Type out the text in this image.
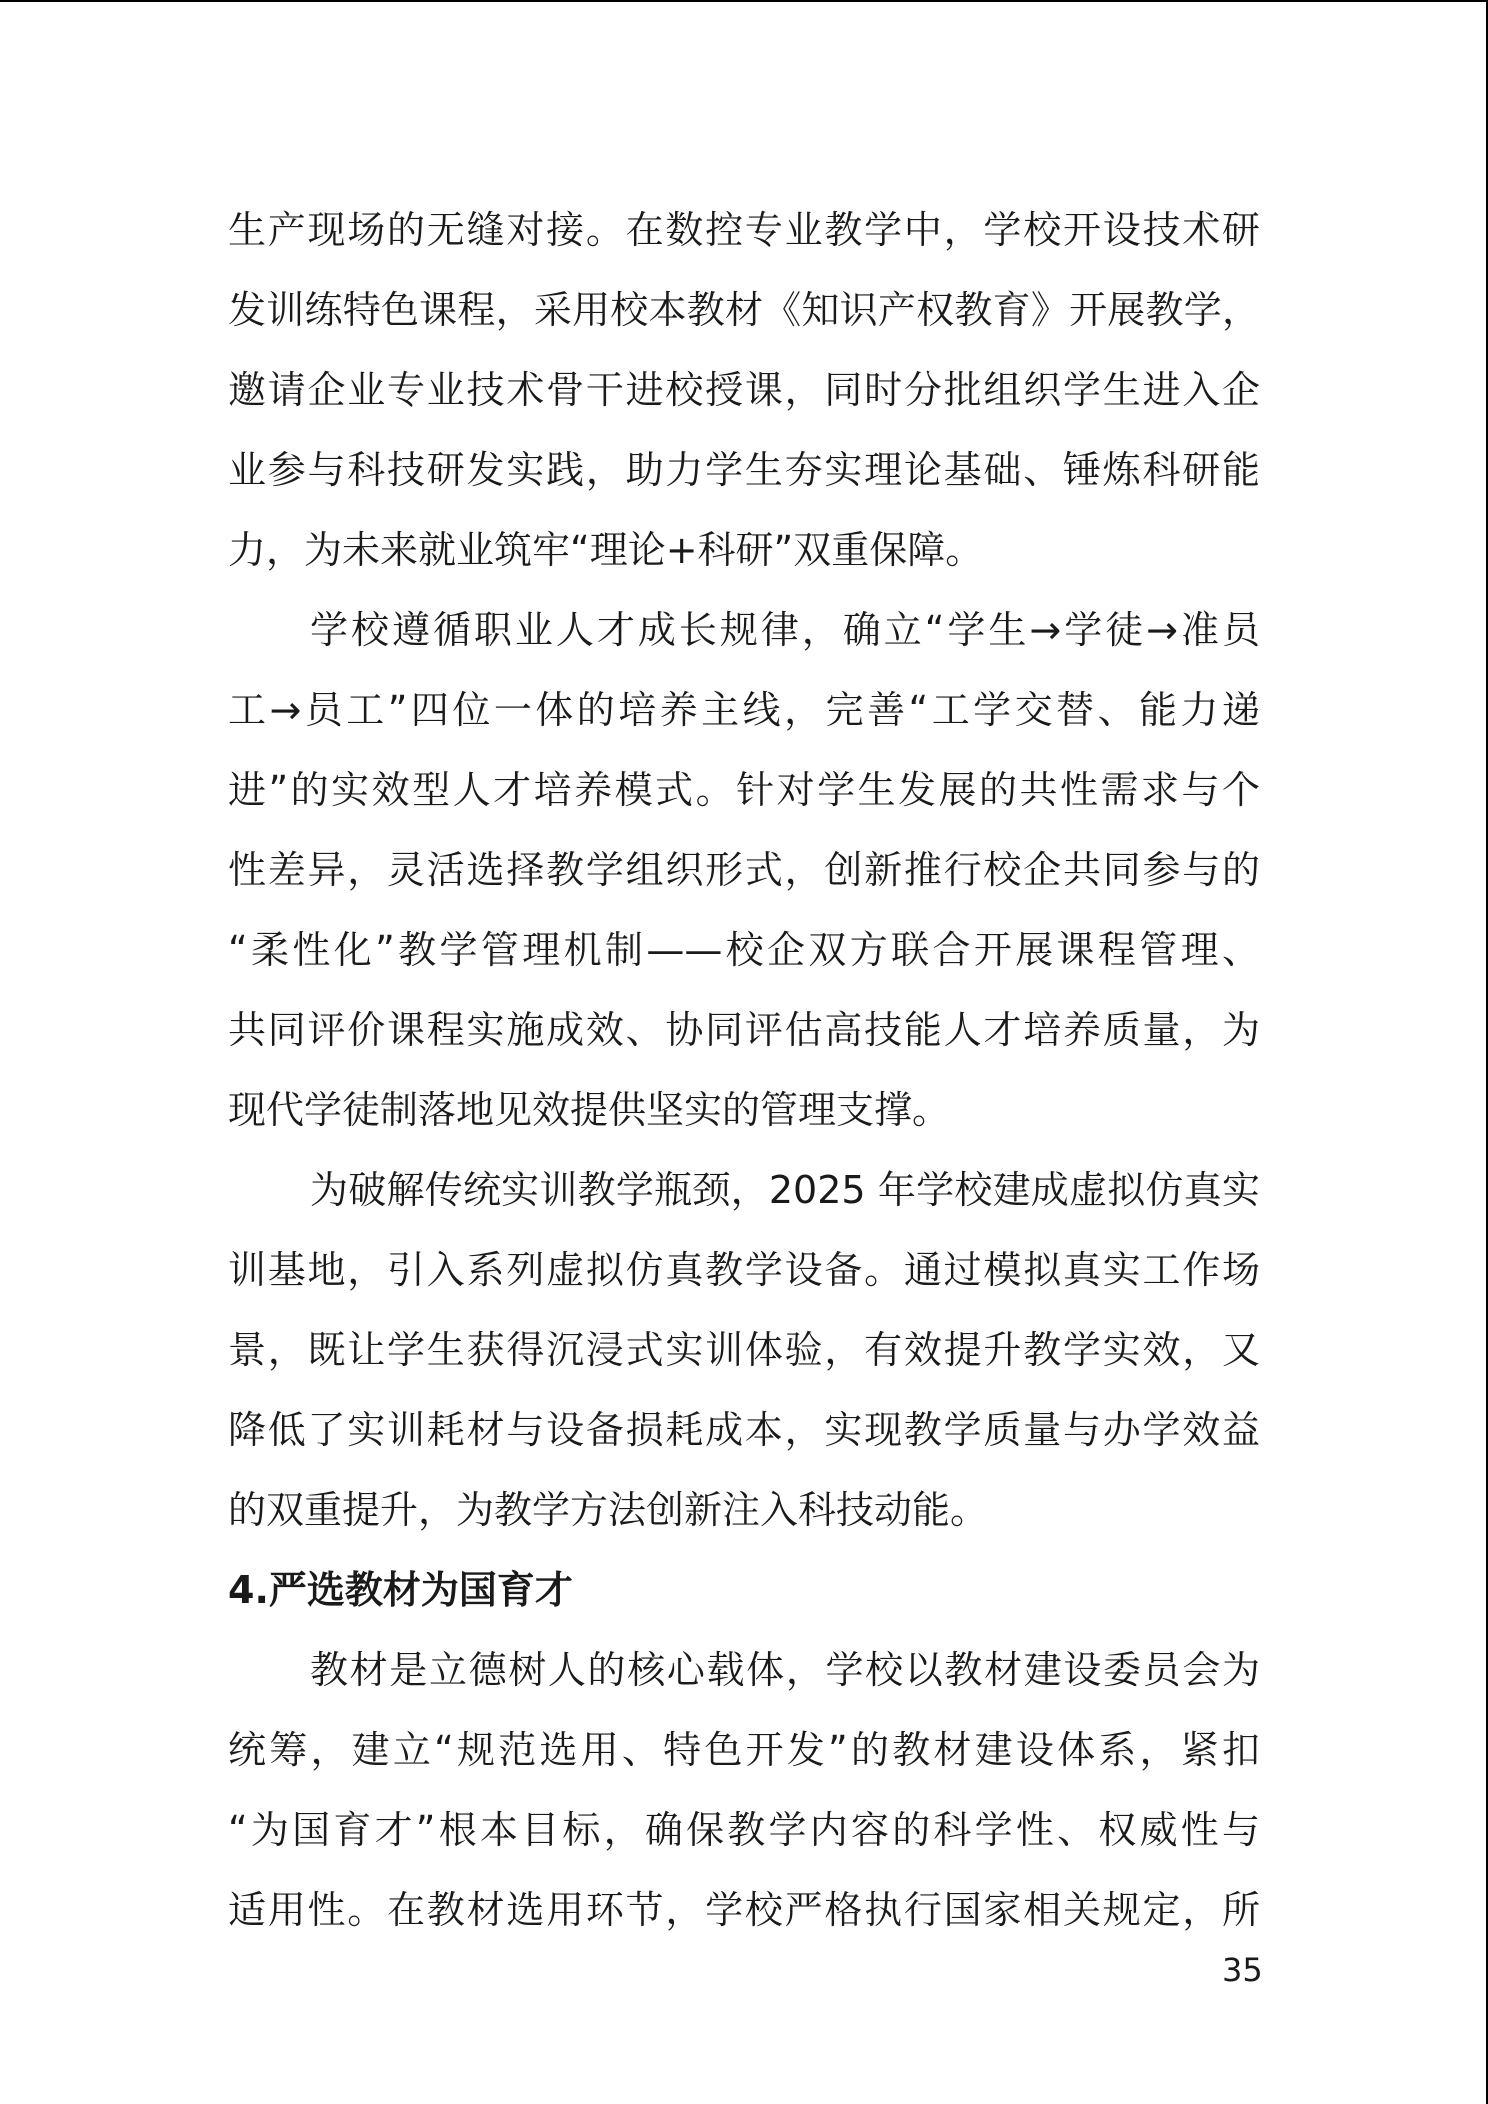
生产现场的无缝对接。在数控专业教学中，学校开设技术研
发训练特色课程，采用校本教材《知识产权教育》开展教学，
邀请企业专业技术骨干进校授课，同时分批组织学生进入企
业参与科技研发实践，助力学生夯实理论基础、锤炼科研能
力，为未来就业筑牢“理论+科研”双重保障。
学校遵循职业人才成长规律，确立“学生→学徒→准员
工→员工”四位一体的培养主线，完善“工学交替、能力递
进”的实效型人才培养模式。针对学生发展的共性需求与个
性差异，灵活选择教学组织形式，创新推行校企共同参与的
“柔性化”教学管理机制——校企双方联合开展课程管理、
共同评价课程实施成效、协同评估高技能人才培养质量，为
现代学徒制落地见效提供坚实的管理支撑。
为破解传统实训教学瓶颈，2025 年学校建成虚拟仿真实
训基地，引入系列虚拟仿真教学设备。通过模拟真实工作场
景，既让学生获得沉浸式实训体验，有效提升教学实效，又
降低了实训耗材与设备损耗成本，实现教学质量与办学效益
的双重提升，为教学方法创新注入科技动能。
4.严选教材为国育才
教材是立德树人的核心载体，学校以教材建设委员会为
统筹，建立“规范选用、特色开发”的教材建设体系，紧扣
“为国育才”根本目标，确保教学内容的科学性、权威性与
适用性。在教材选用环节，学校严格执行国家相关规定，所
35
